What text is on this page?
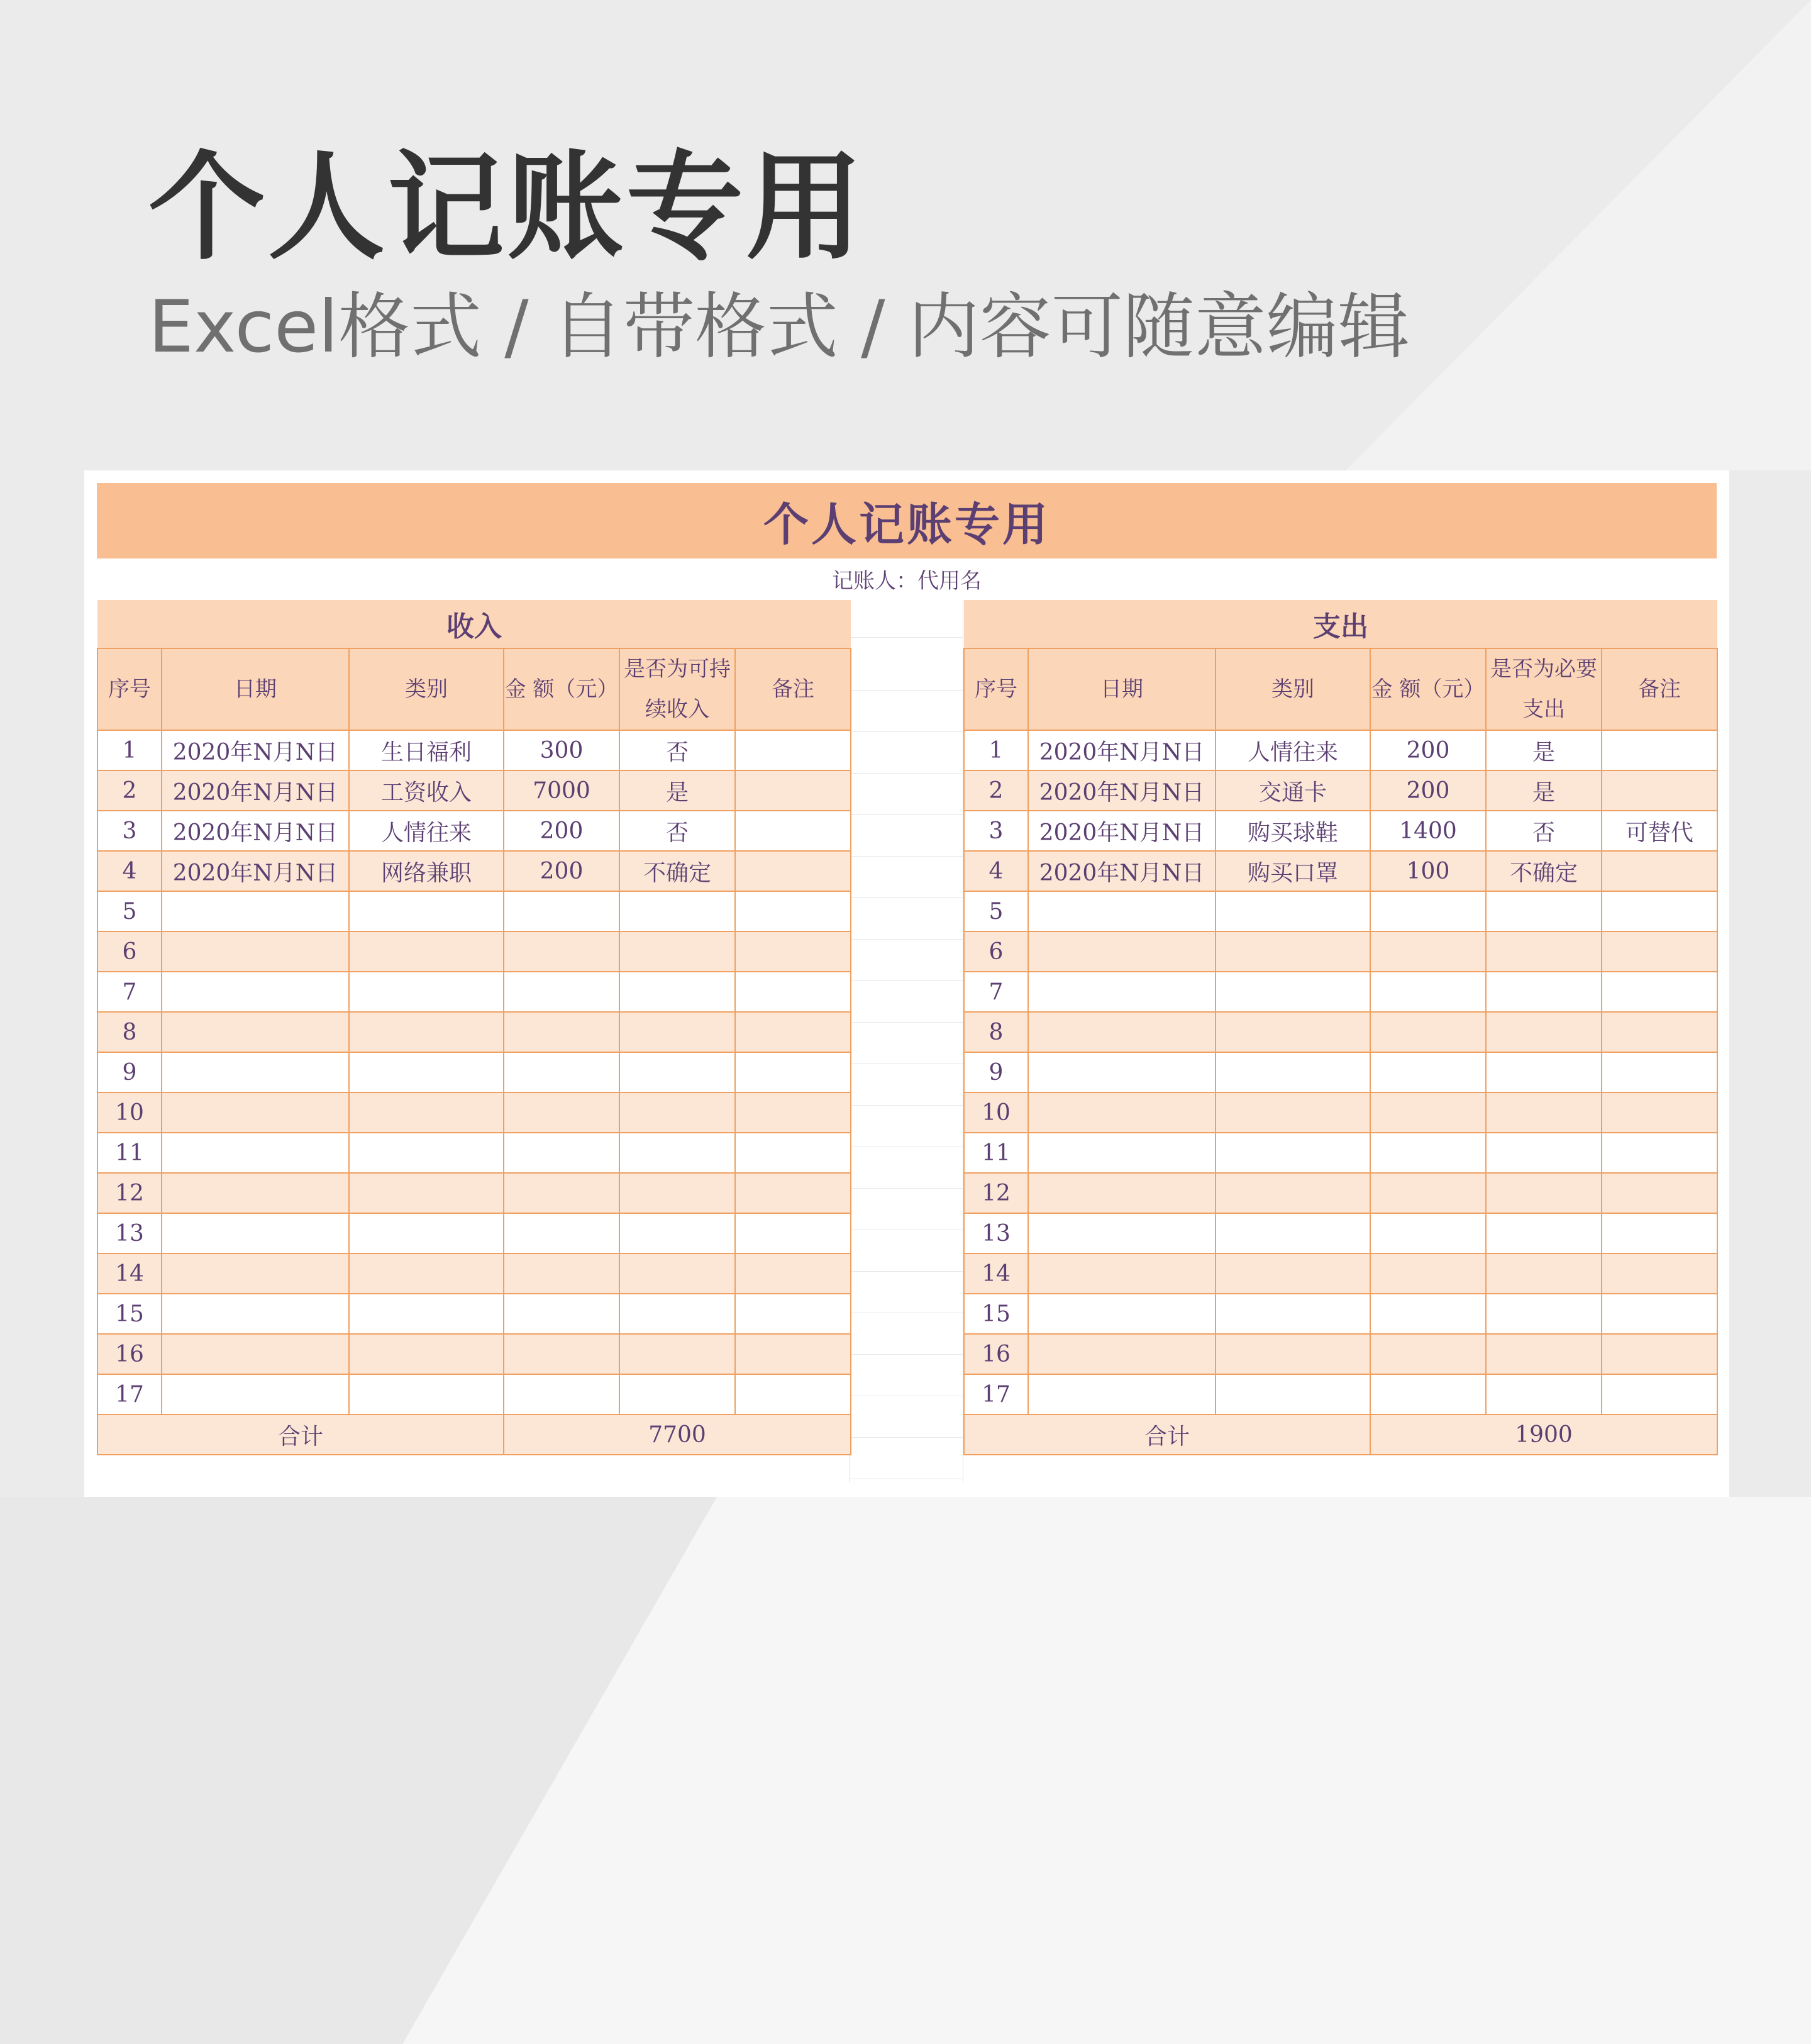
个人记账专用
Excel格式 / 自带格式 / 内容可随意编辑
个人记账专用
记账人：代用名
收入					
序号	日期	类别	金 额（元）	是否为可持续收入	备注
1	2020年N月N日	生日福利	300	否	
2	2020年N月N日	工资收入	7000	是	
3	2020年N月N日	人情往来	200	否	
4	2020年N月N日	网络兼职	200	不确定	
5					
6					
7					
8					
9					
10					
11					
12					
13					
14					
15					
16					
17					
合计			7700		
支出					
序号	日期	类别	金 额（元）	是否为必要支出	备注
1	2020年N月N日	人情往来	200	是	
2	2020年N月N日	交通卡	200	是	
3	2020年N月N日	购买球鞋	1400	否	可替代
4	2020年N月N日	购买口罩	100	不确定	
5					
6					
7					
8					
9					
10					
11					
12					
13					
14					
15					
16					
17					
合计			1900		
